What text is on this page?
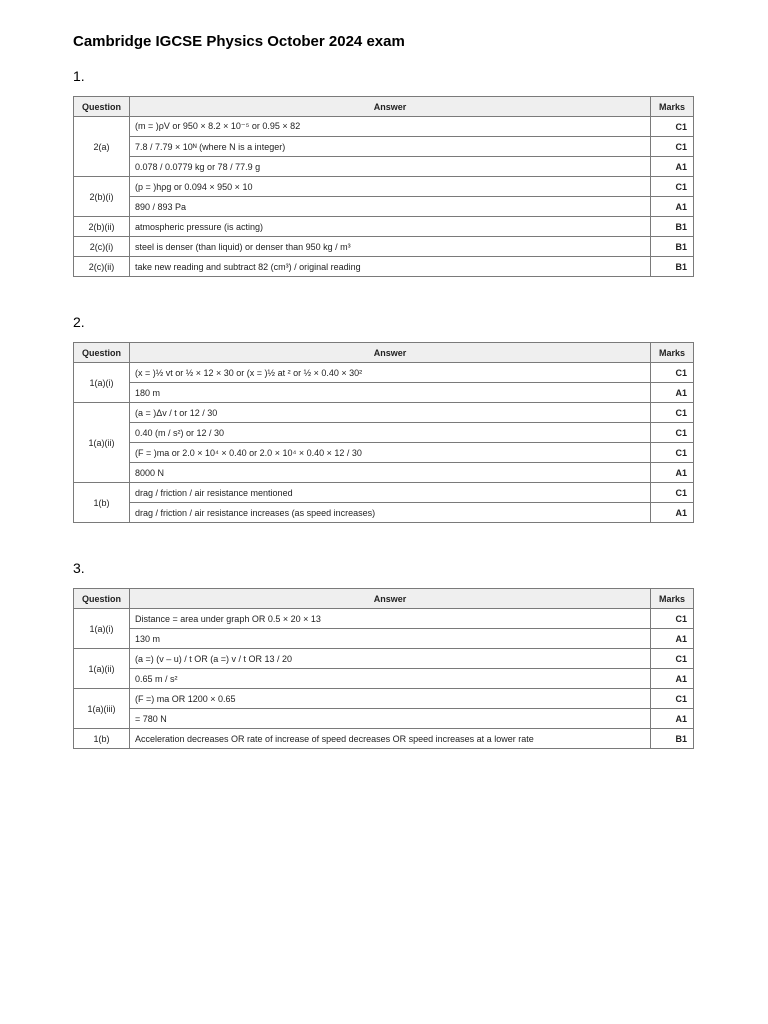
Cambridge IGCSE Physics October 2024 exam
1.
Question	Answer	Marks
2(a)	(m = )ρV or 950 × 8.2 × 10⁻⁵ or 0.95 × 82	C1
	7.8 / 7.79 × 10ᴺ (where N is a integer)	C1
	0.078 / 0.0779 kg or 78 / 77.9 g	A1
2(b)(i)	(p = )hρg or 0.094 × 950 × 10	C1
	890 / 893 Pa	A1
2(b)(ii)	atmospheric pressure (is acting)	B1
2(c)(i)	steel is denser (than liquid) or denser than 950 kg / m³	B1
2(c)(ii)	take new reading and subtract 82 (cm³) / original reading	B1
2.
Question	Answer	Marks
1(a)(i)	(x = )½ vt or ½ × 12 × 30 or (x = )½ at ² or ½ × 0.40 × 30²	C1
	180 m	A1
1(a)(ii)	(a = )Δv / t or 12 / 30	C1
	0.40 (m / s²) or 12 / 30	C1
	(F = )ma or 2.0 × 10⁴ × 0.40 or 2.0 × 10⁴ × 0.40 × 12 / 30	C1
	8000 N	A1
1(b)	drag / friction / air resistance mentioned	C1
	drag / friction / air resistance increases (as speed increases)	A1
3.
Question	Answer	Marks
1(a)(i)	Distance = area under graph OR 0.5 × 20 × 13	C1
	130 m	A1
1(a)(ii)	(a =) (v – u) / t OR (a =) v / t OR 13 / 20	C1
	0.65 m / s²	A1
1(a)(iii)	(F =) ma OR 1200 × 0.65	C1
	= 780 N	A1
1(b)	Acceleration decreases OR rate of increase of speed decreases OR speed increases at a lower rate	B1
